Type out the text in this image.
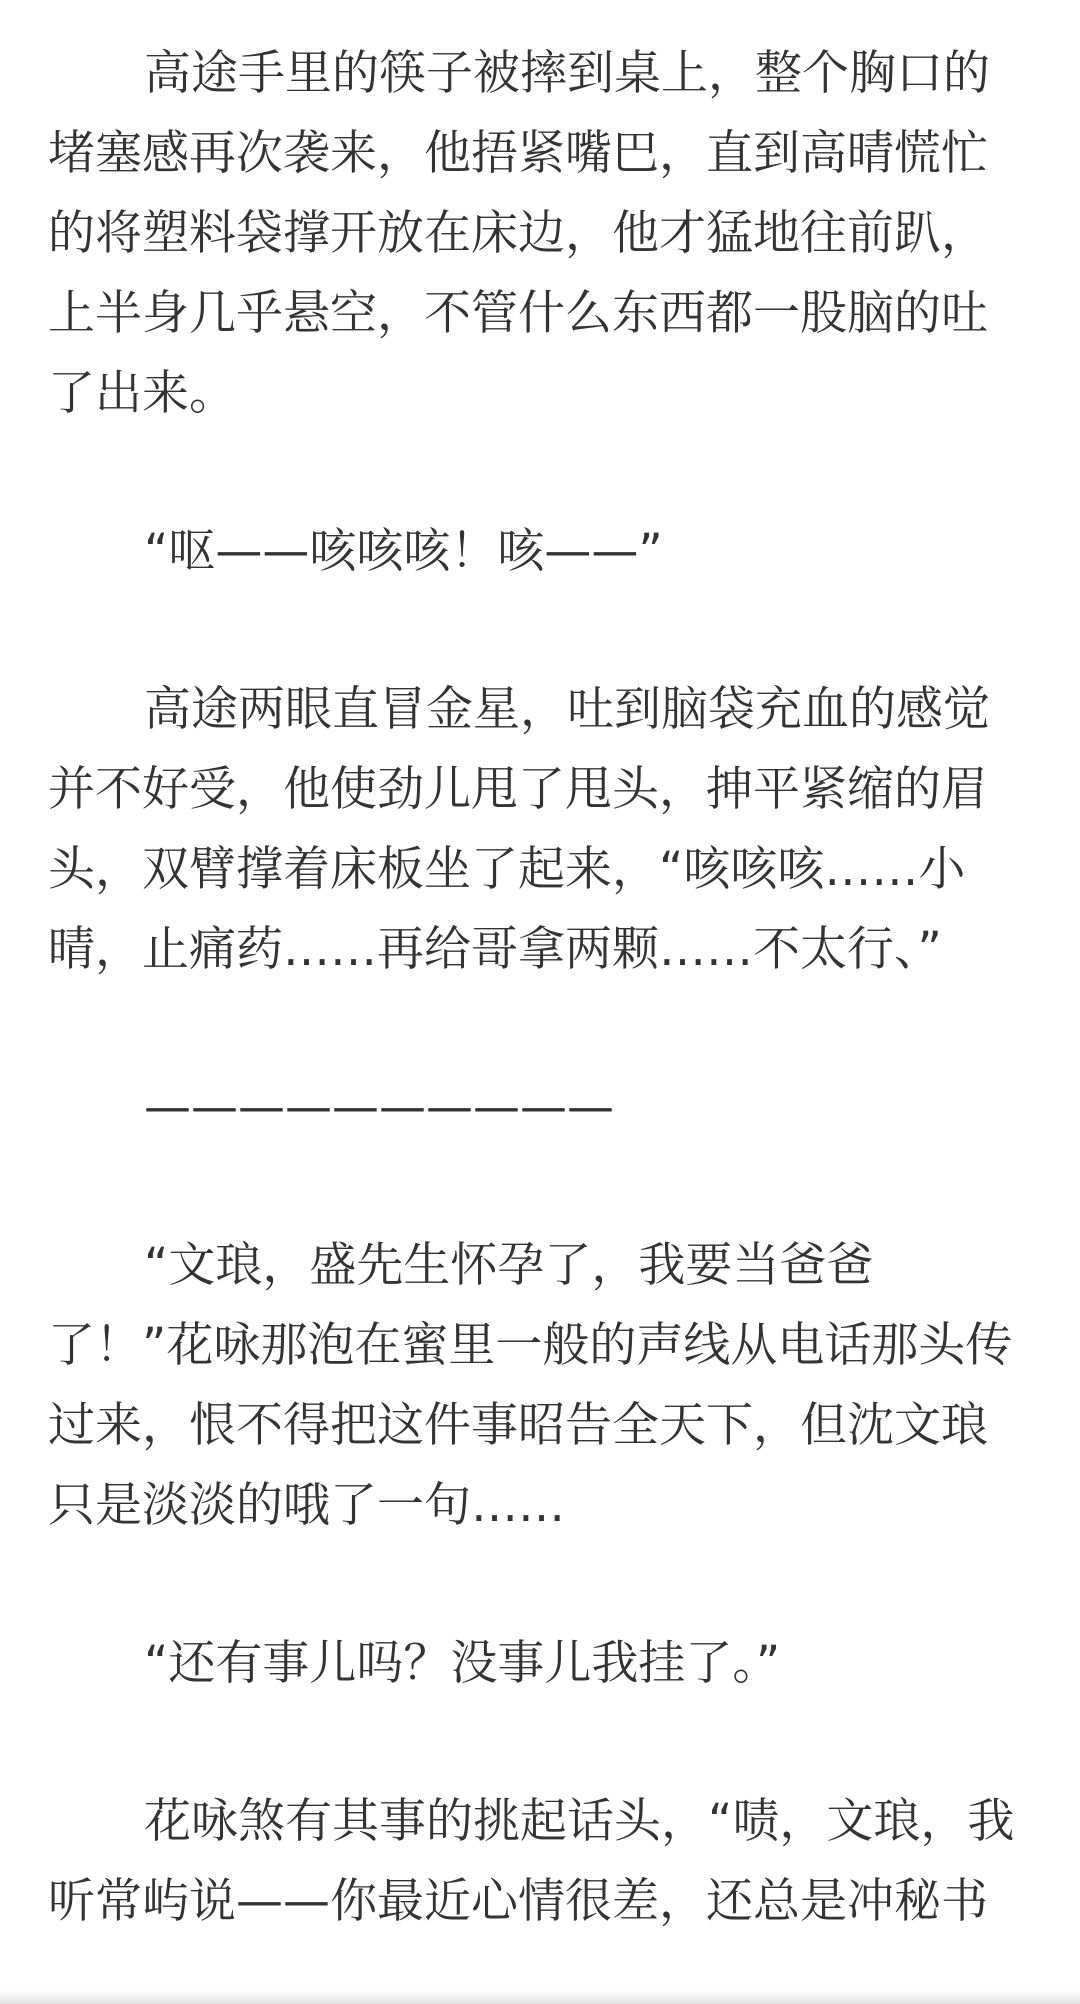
高途手里的筷子被摔到桌上，整个胸口的堵塞感再次袭来，他捂紧嘴巴，直到高晴慌忙的将塑料袋撑开放在床边，他才猛地往前趴，上半身几乎悬空，不管什么东西都一股脑的吐了出来。

“呕——咳咳咳！咳——”

高途两眼直冒金星，吐到脑袋充血的感觉并不好受，他使劲儿甩了甩头，抻平紧缩的眉头，双臂撑着床板坐了起来，“咳咳咳……小晴，止痛药……再给哥拿两颗……不太行、”

——————————

“文琅，盛先生怀孕了，我要当爸爸了！”花咏那泡在蜜里一般的声线从电话那头传过来，恨不得把这件事昭告全天下，但沈文琅只是淡淡的哦了一句……

“还有事儿吗？没事儿我挂了。”

花咏煞有其事的挑起话头，“啧，文琅，我听常屿说——你最近心情很差，还总是冲秘书
